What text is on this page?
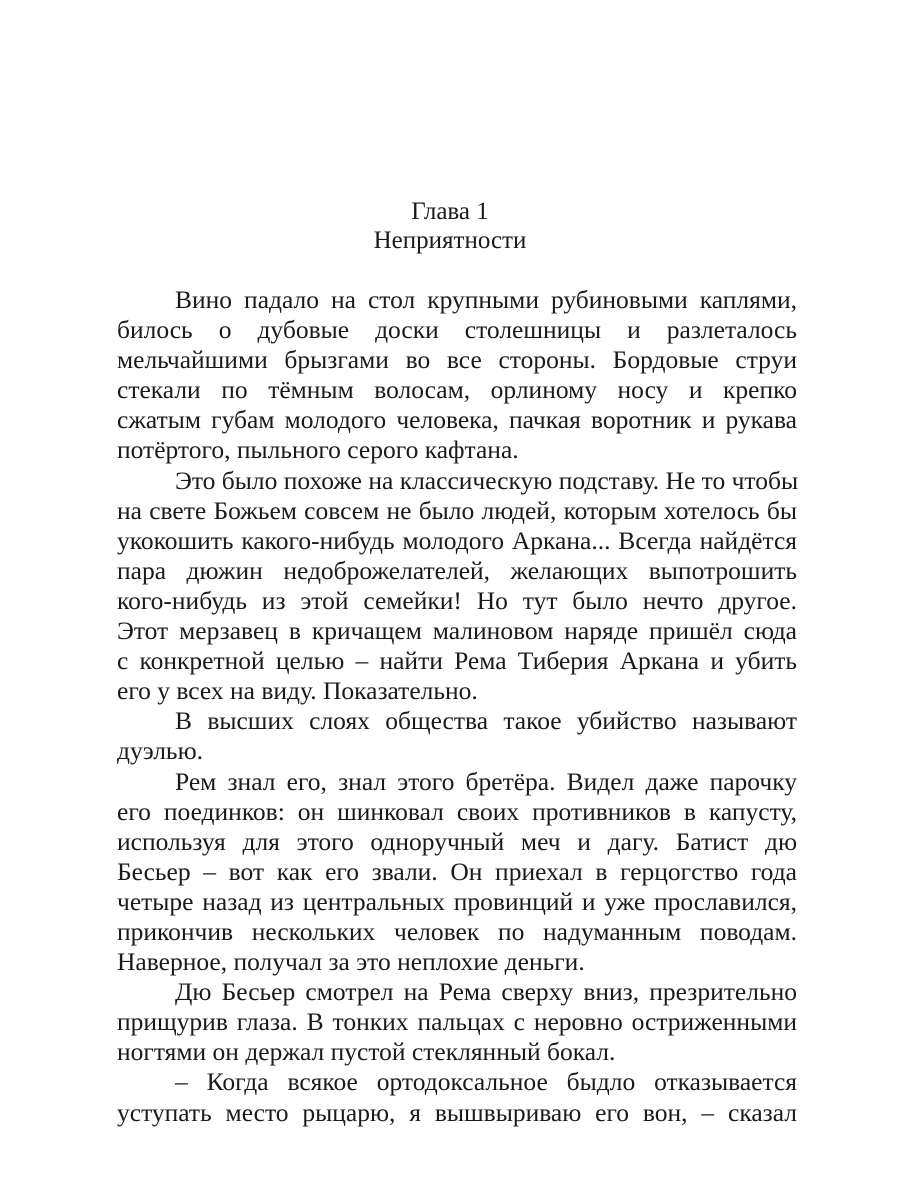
Глава 1
Неприятности
Вино падало на стол крупными рубиновыми каплями,
билось о дубовые доски столешницы и разлеталось
мельчайшими брызгами во все стороны. Бордовые струи
стекали по тёмным волосам, орлиному носу и крепко
сжатым губам молодого человека, пачкая воротник и рукава
потёртого, пыльного серого кафтана.
Это было похоже на классическую подставу. Не то чтобы
на свете Божьем совсем не было людей, которым хотелось бы
укокошить какого-нибудь молодого Аркана... Всегда найдётся
пара дюжин недоброжелателей, желающих выпотрошить
кого-нибудь из этой семейки! Но тут было нечто другое.
Этот мерзавец в кричащем малиновом наряде пришёл сюда
с конкретной целью – найти Рема Тиберия Аркана и убить
его у всех на виду. Показательно.
В высших слоях общества такое убийство называют
дуэлью.
Рем знал его, знал этого бретёра. Видел даже парочку
его поединков: он шинковал своих противников в капусту,
используя для этого одноручный меч и дагу. Батист дю
Бесьер – вот как его звали. Он приехал в герцогство года
четыре назад из центральных провинций и уже прославился,
прикончив нескольких человек по надуманным поводам.
Наверное, получал за это неплохие деньги.
Дю Бесьер смотрел на Рема сверху вниз, презрительно
прищурив глаза. В тонких пальцах с неровно остриженными
ногтями он держал пустой стеклянный бокал.
– Когда всякое ортодоксальное быдло отказывается
уступать место рыцарю, я вышвыриваю его вон, – сказал
